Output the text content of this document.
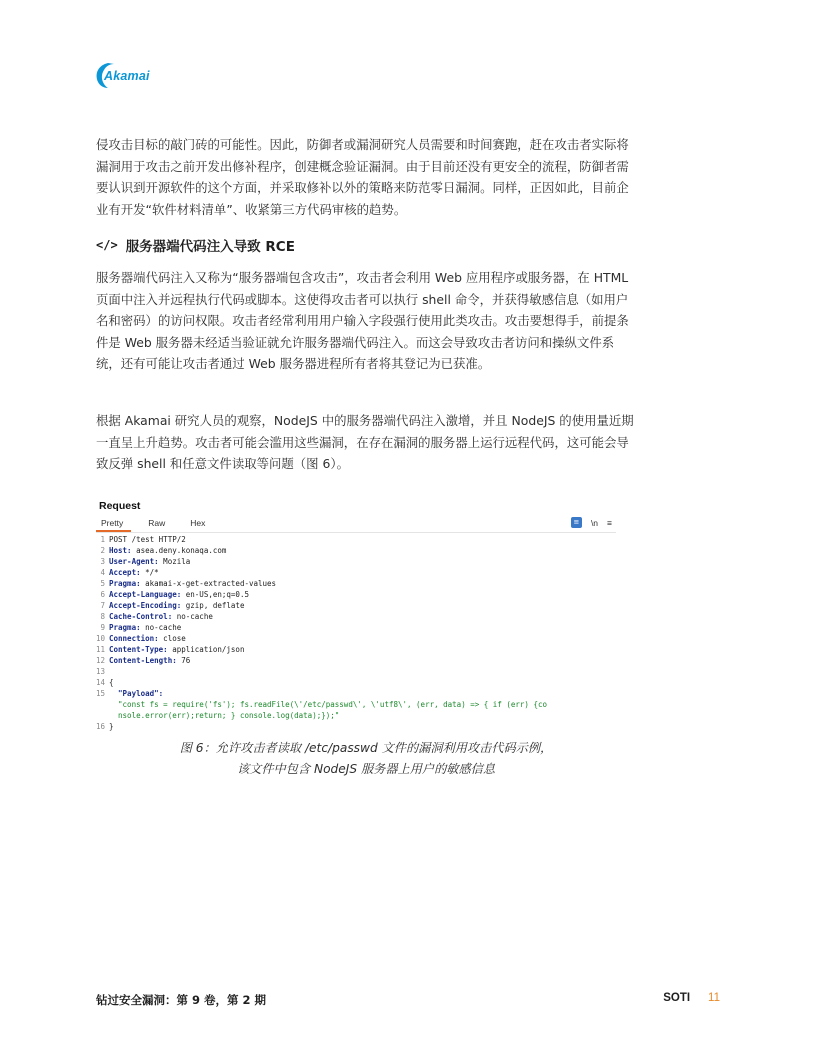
Akamai

侵攻击目标的敲门砖的可能性。因此，防御者或漏洞研究人员需要和时间赛跑，赶在攻击者实际将漏洞用于攻击之前开发出修补程序，创建概念验证漏洞。由于目前还没有更安全的流程，防御者需要认识到开源软件的这个方面，并采取修补以外的策略来防范零日漏洞。同样，正因如此，目前企业有开发“软件材料清单”、收紧第三方代码审核的趋势。

</> 服务器端代码注入导致 RCE

服务器端代码注入又称为“服务器端包含攻击”，攻击者会利用 Web 应用程序或服务器，在 HTML 页面中注入并远程执行代码或脚本。这使得攻击者可以执行 shell 命令，并获得敏感信息（如用户名和密码）的访问权限。攻击者经常利用用户输入字段强行使用此类攻击。攻击要想得手，前提条件是 Web 服务器未经适当验证就允许服务器端代码注入。而这会导致攻击者访问和操纵文件系统，还有可能让攻击者通过 Web 服务器进程所有者将其登记为已获准。

根据 Akamai 研究人员的观察，NodeJS 中的服务器端代码注入激增，并且 NodeJS 的使用量近期一直呈上升趋势。攻击者可能会滥用这些漏洞，在存在漏洞的服务器上运行远程代码，这可能会导致反弹 shell 和任意文件读取等问题（图 6）。

Request
Pretty	Raw	Hex	≡	\n ≡
1 POST /test HTTP/2
2 Host: asea.deny.konaqa.com
3 User-Agent: Mozila
4 Accept: */*
5 Pragma: akamai-x-get-extracted-values
6 Accept-Language: en-US,en;q=0.5
7 Accept-Encoding: gzip, deflate
8 Cache-Control: no-cache
9 Pragma: no-cache
10 Connection: close
11 Content-Type: application/json
12 Content-Length: 76
13
14 {
15 "Payload":
"const fs = require('fs'); fs.readFile(\'/etc/passwd\', \'utf8\', (err, data) => { if (err) {co
nsole.error(err);return; } console.log(data);});"
16 }

图 6：允许攻击者读取 /etc/passwd 文件的漏洞利用攻击代码示例，

该文件中包含 NodeJS 服务器上用户的敏感信息

钻过安全漏洞：第 9 卷，第 2 期	SOTI 11
